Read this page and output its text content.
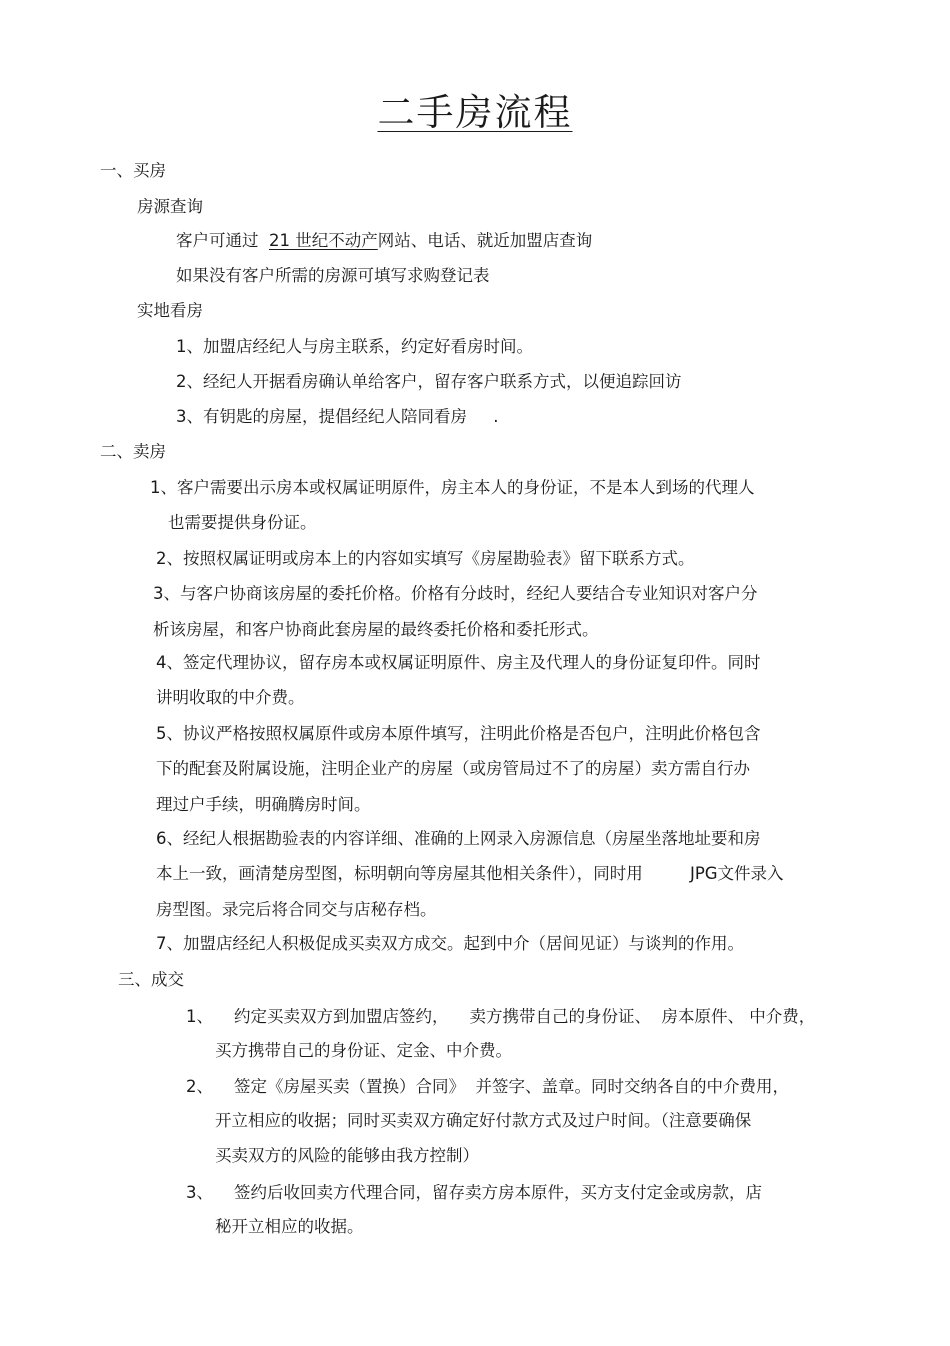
二手房流程
一、买房
房源查询
客户可通过  21 世纪不动产网站、电话、就近加盟店查询
如果没有客户所需的房源可填写求购登记表
实地看房
1、加盟店经纪人与房主联系，约定好看房时间。
2、经纪人开据看房确认单给客户，留存客户联系方式，以便追踪回访
3、有钥匙的房屋，提倡经纪人陪同看房     .
二、卖房
1、客户需要出示房本或权属证明原件，房主本人的身份证，不是本人到场的代理人
也需要提供身份证。
2、按照权属证明或房本上的内容如实填写《房屋勘验表》留下联系方式。
3、与客户协商该房屋的委托价格。价格有分歧时，经纪人要结合专业知识对客户分
析该房屋，和客户协商此套房屋的最终委托价格和委托形式。
4、签定代理协议，留存房本或权属证明原件、房主及代理人的身份证复印件。同时
讲明收取的中介费。
5、协议严格按照权属原件或房本原件填写，注明此价格是否包户，注明此价格包含
下的配套及附属设施，注明企业产的房屋（或房管局过不了的房屋）卖方需自行办
理过户手续，明确腾房时间。
6、经纪人根据勘验表的内容详细、准确的上网录入房源信息（房屋坐落地址要和房
本上一致，画清楚房型图，标明朝向等房屋其他相关条件），同时用         JPG文件录入
房型图。录完后将合同交与店秘存档。
7、加盟店经纪人积极促成买卖双方成交。起到中介（居间见证）与谈判的作用。
三、成交
1、    约定买卖双方到加盟店签约，    卖方携带自己的身份证、  房本原件、 中介费，
买方携带自己的身份证、定金、中介费。
2、    签定《房屋买卖（置换）合同》  并签字、盖章。同时交纳各自的中介费用，
开立相应的收据；同时买卖双方确定好付款方式及过户时间。（注意要确保
买卖双方的风险的能够由我方控制）
3、    签约后收回卖方代理合同，留存卖方房本原件，买方支付定金或房款，店
秘开立相应的收据。
